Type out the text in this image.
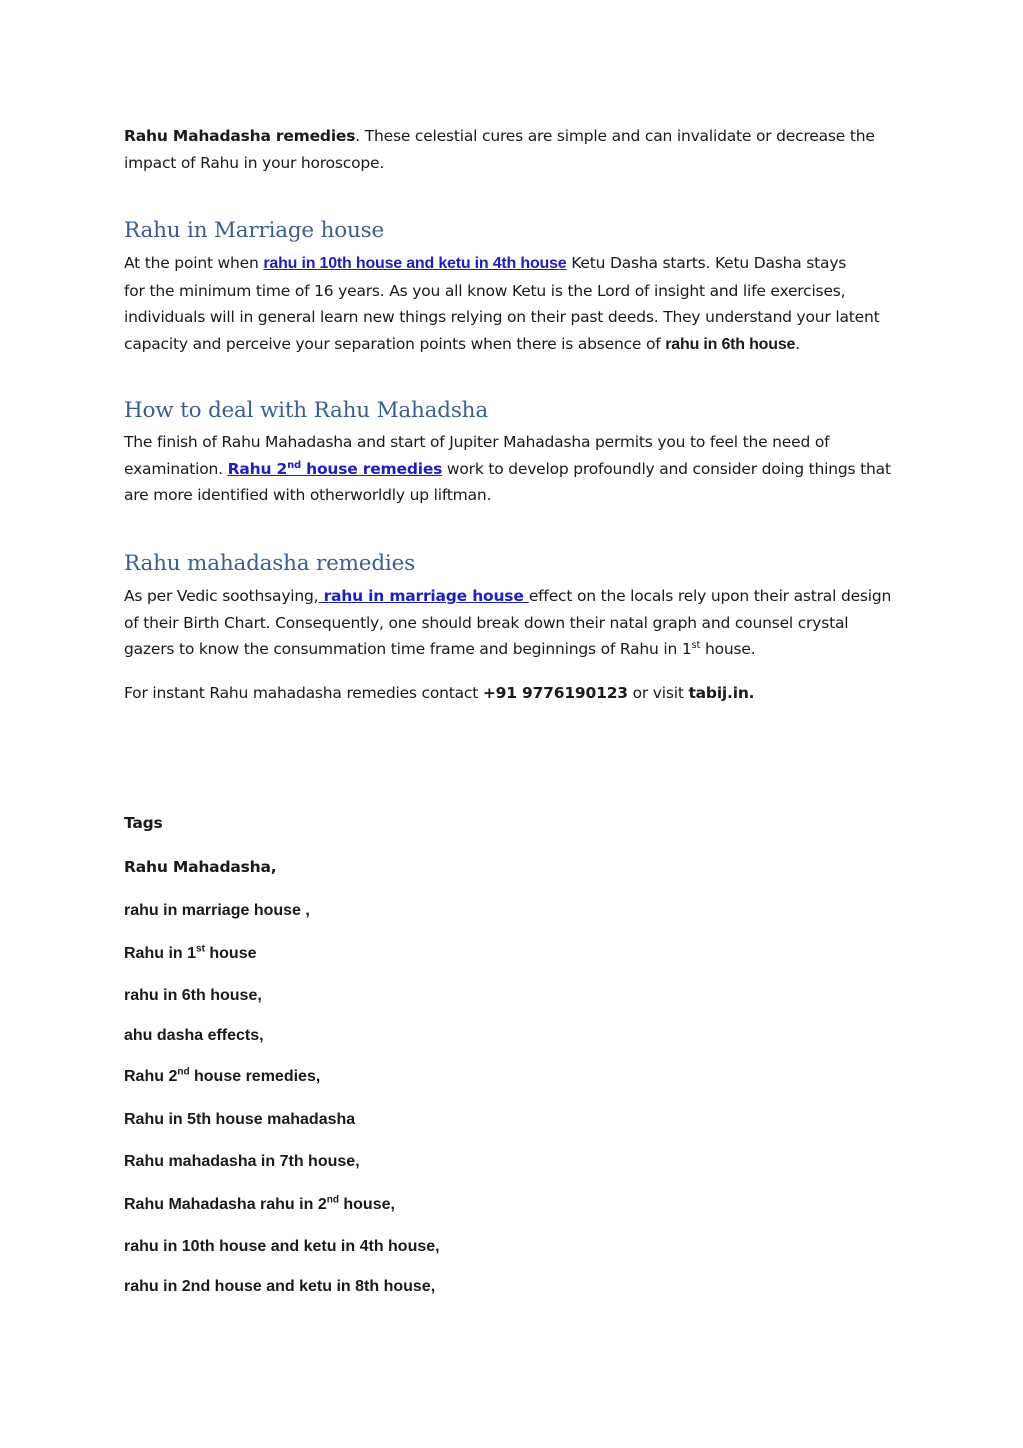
Rahu Mahadasha remedies. These celestial cures are simple and can invalidate or decrease the
impact of Rahu in your horoscope.
Rahu in Marriage house
At the point when rahu in 10th house and ketu in 4th house Ketu Dasha starts. Ketu Dasha stays
for the minimum time of 16 years. As you all know Ketu is the Lord of insight and life exercises,
individuals will in general learn new things relying on their past deeds. They understand your latent
capacity and perceive your separation points when there is absence of rahu in 6th house.
How to deal with Rahu Mahadsha
The finish of Rahu Mahadasha and start of Jupiter Mahadasha permits you to feel the need of
examination. Rahu 2nd house remedies work to develop profoundly and consider doing things that
are more identified with otherworldly up liftman.
Rahu mahadasha remedies
As per Vedic soothsaying, rahu in marriage house effect on the locals rely upon their astral design
of their Birth Chart. Consequently, one should break down their natal graph and counsel crystal
gazers to know the consummation time frame and beginnings of Rahu in 1st house.
For instant Rahu mahadasha remedies contact +91 9776190123 or visit tabij.in.
Tags
Rahu Mahadasha,
rahu in marriage house ,
Rahu in 1st house
rahu in 6th house,
ahu dasha effects,
Rahu 2nd house remedies,
Rahu in 5th house mahadasha
Rahu mahadasha in 7th house,
Rahu Mahadasha rahu in 2nd house,
rahu in 10th house and ketu in 4th house,
rahu in 2nd house and ketu in 8th house,
